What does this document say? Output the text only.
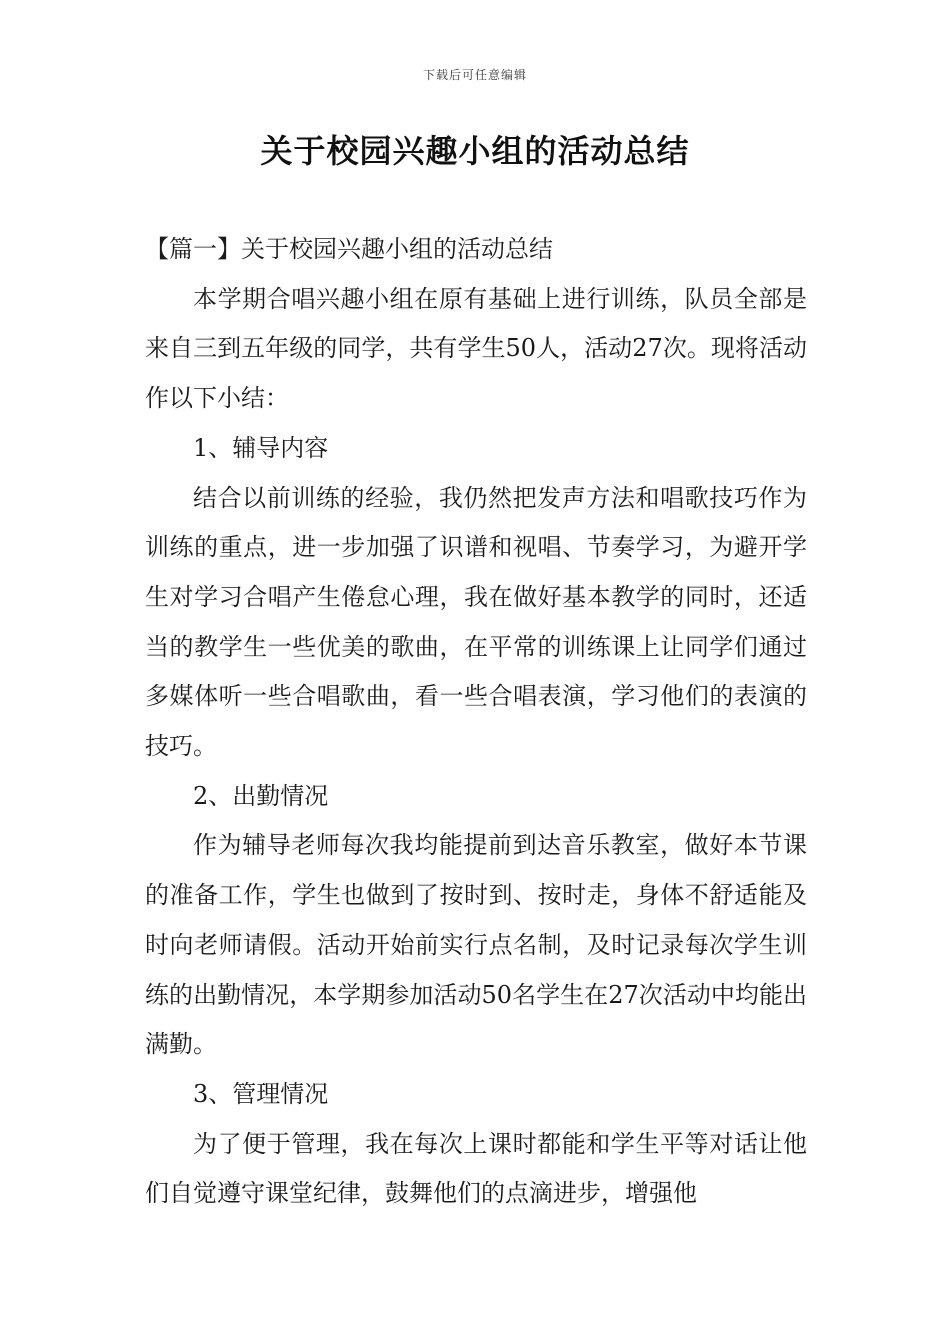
下载后可任意编辑
关于校园兴趣小组的活动总结

【篇一】关于校园兴趣小组的活动总结

本学期合唱兴趣小组在原有基础上进行训练，队员全部是来自三到五年级的同学，共有学生50人，活动27次。现将活动作以下小结：

1、辅导内容

结合以前训练的经验，我仍然把发声方法和唱歌技巧作为训练的重点，进一步加强了识谱和视唱、节奏学习，为避开学生对学习合唱产生倦怠心理，我在做好基本教学的同时，还适当的教学生一些优美的歌曲，在平常的训练课上让同学们通过多媒体听一些合唱歌曲，看一些合唱表演，学习他们的表演的技巧。

2、出勤情况

作为辅导老师每次我均能提前到达音乐教室，做好本节课的准备工作，学生也做到了按时到、按时走，身体不舒适能及时向老师请假。活动开始前实行点名制，及时记录每次学生训练的出勤情况，本学期参加活动50名学生在27次活动中均能出满勤。

3、管理情况

为了便于管理，我在每次上课时都能和学生平等对话让他们自觉遵守课堂纪律，鼓舞他们的点滴进步，增强他
